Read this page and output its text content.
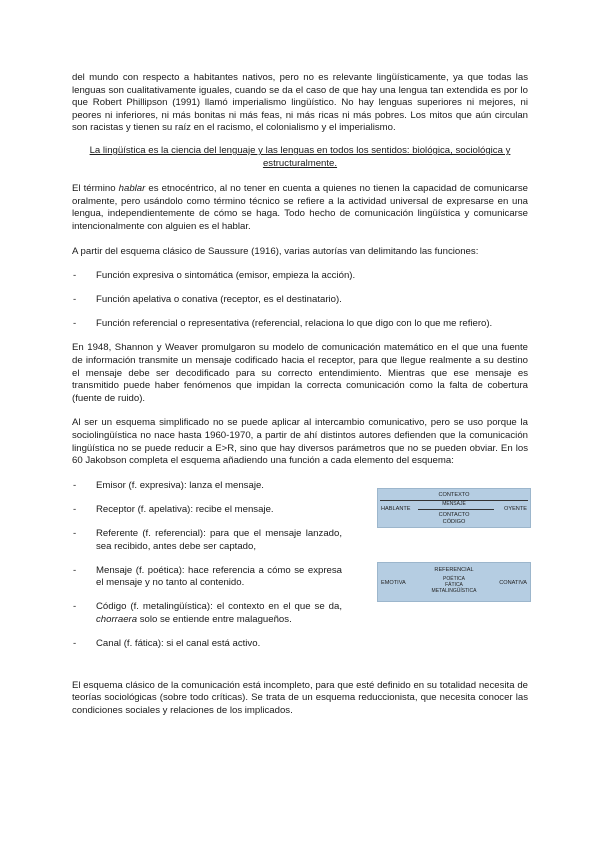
del mundo con respecto a habitantes nativos, pero no es relevante lingüísticamente, ya que todas las lenguas son cualitativamente iguales, cuando se da el caso de que hay una lengua tan extendida es por lo que Robert Phillipson (1991) llamó imperialismo lingüístico. No hay lenguas superiores ni mejores, ni peores ni inferiores, ni más bonitas ni más feas, ni más ricas ni más pobres. Los mitos que aún circulan son racistas y tienen su raíz en el racismo, el colonialismo y el imperialismo.

La lingüística es la ciencia del lenguaje y las lenguas en todos los sentidos: biológica, sociológica y estructuralmente.

El término hablar es etnocéntrico, al no tener en cuenta a quienes no tienen la capacidad de comunicarse oralmente, pero usándolo como término técnico se refiere a la actividad universal de expresarse en una lengua, independientemente de cómo se haga. Todo hecho de comunicación lingüística y comunicarse intencionalmente con alguien es el hablar.

A partir del esquema clásico de Saussure (1916), varias autorías van delimitando las funciones:

- Función expresiva o sintomática (emisor, empieza la acción).
- Función apelativa o conativa (receptor, es el destinatario).
- Función referencial o representativa (referencial, relaciona lo que digo con lo que me refiero).

En 1948, Shannon y Weaver promulgaron su modelo de comunicación matemático en el que una fuente de información transmite un mensaje codificado hacia el receptor, para que llegue realmente a su destino el mensaje debe ser decodificado para su correcto entendimiento. Mientras que ese mensaje es transmitido puede haber fenómenos que impidan la correcta comunicación como la falta de cobertura (fuente de ruido).

Al ser un esquema simplificado no se puede aplicar al intercambio comunicativo, pero se uso porque la sociolingüística no nace hasta 1960-1970, a partir de ahí distintos autores defienden que la comunicación lingüística no se puede reducir a E>R, sino que hay diversos parámetros que no se pueden obviar. En los 60 Jakobson completa el esquema añadiendo una función a cada elemento del esquema:

- Emisor (f. expresiva): lanza el mensaje.
- Receptor (f. apelativa): recibe el mensaje.
- Referente (f. referencial): para que el mensaje lanzado, sea recibido, antes debe ser captado,
- Mensaje (f. poética): hace referencia a cómo se expresa el mensaje y no tanto al contenido.
- Código (f. metalingüística): el contexto en el que se da, chorraera solo se entiende entre malagueños.
- Canal (f. fática): si el canal está activo.
CONTEXTO
HABLANTE
MENSAJE
OYENTE
CONTACTO
CÓDIGO
REFERENCIAL
EMOTIVA
POÉTICA
FÁTICA
METALINGÜÍSTICA
CONATIVA

El esquema clásico de la comunicación está incompleto, para que esté definido en su totalidad necesita de teorías sociológicas (sobre todo críticas). Se trata de un esquema reduccionista, que necesita conocer las condiciones sociales y relaciones de los implicados.
